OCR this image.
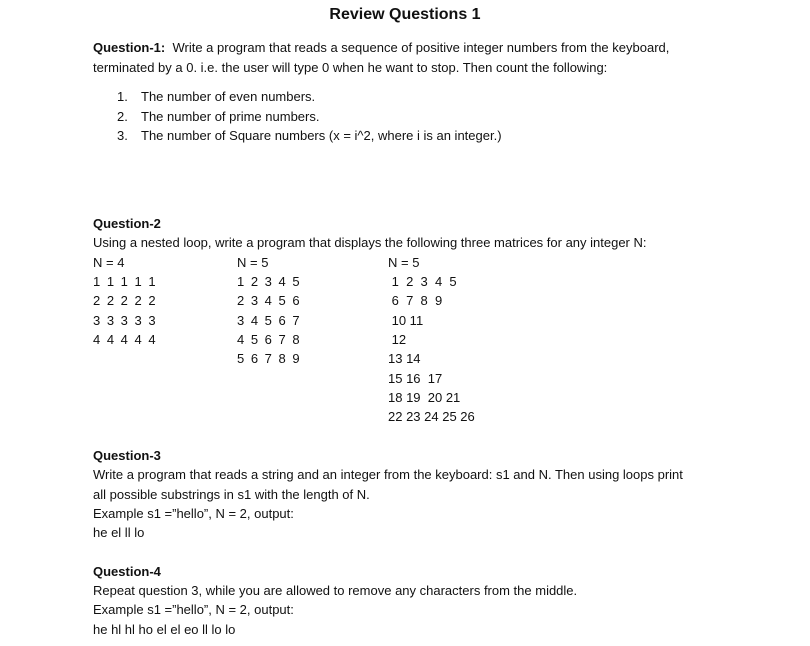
Review Questions 1
Question-1:  Write a program that reads a sequence of positive integer numbers from the keyboard,
terminated by a 0. i.e. the user will type 0 when he want to stop. Then count the following:
1. The number of even numbers.
2. The number of prime numbers.
3. The number of Square numbers (x = i^2, where i is an integer.)
Question-2
Using a nested loop, write a program that displays the following three matrices for any integer N:
N = 4
1 1 1 1 1
2 2 2 2 2
3 3 3 3 3
4 4 4 4 4
N = 5
1 2 3 4 5
2 3 4 5 6
3 4 5 6 7
4 5 6 7 8
5 6 7 8 9
N = 5
1  2  3  4  5
6  7  8  9
10 11
12
13 14
15 16  17
18 19  20 21
22 23 24 25 26
Question-3
Write a program that reads a string and an integer from the keyboard: s1 and N. Then using loops print
all possible substrings in s1 with the length of N.
Example s1 =”hello”, N = 2, output:
he el ll lo
Question-4
Repeat question 3, while you are allowed to remove any characters from the middle.
Example s1 =”hello”, N = 2, output:
he hl hl ho el el eo ll lo lo
